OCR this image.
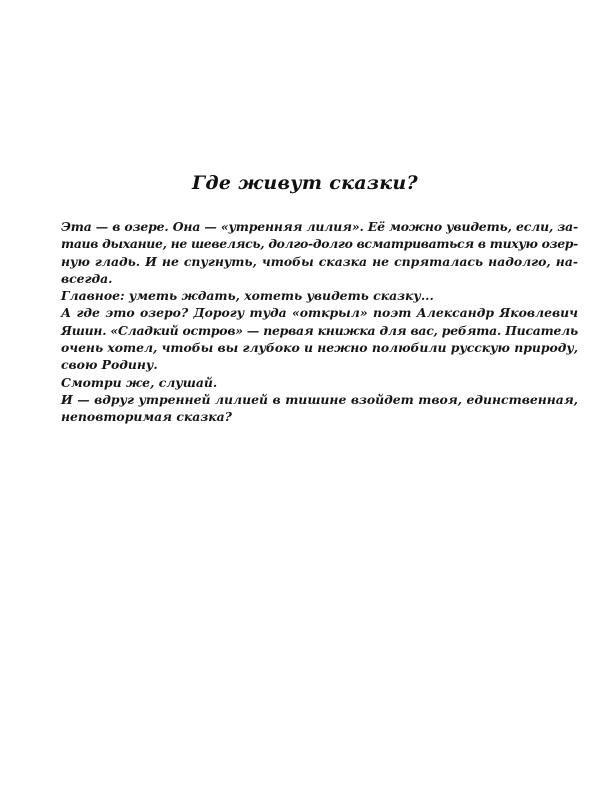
Где живут сказки?

Эта — в озере. Она — «утренняя лилия». Её можно увидеть, если, за-
таив дыхание, не шевелясь, долго-долго всматриваться в тихую озер-
ную гладь. И не спугнуть, чтобы сказка не спряталась надолго, на-
всегда.

Главное: уметь ждать, хотеть увидеть сказку...

А где это озеро? Дорогу туда «открыл» поэт Александр Яковлевич
Яшин. «Сладкий остров» — первая книжка для вас, ребята. Писатель
очень хотел, чтобы вы глубоко и нежно полюбили русскую природу,
свою Родину.

Смотри же, слушай.

И — вдруг утренней лилией в тишине взойдет твоя, единственная,
неповторимая сказка?
